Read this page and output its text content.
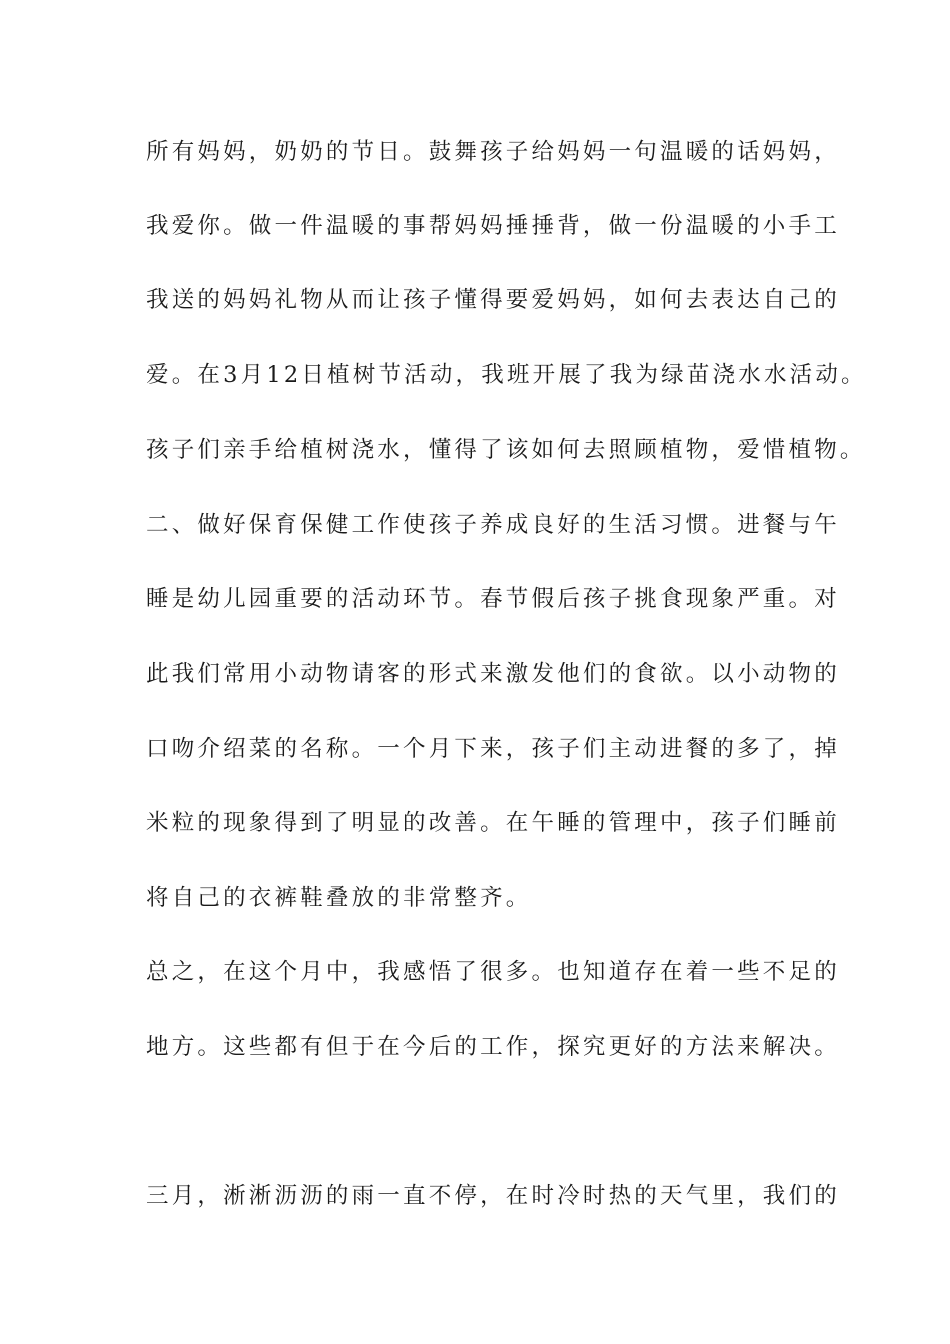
所有妈妈，奶奶的节日。鼓舞孩子给妈妈一句温暖的话妈妈，
我爱你。做一件温暖的事帮妈妈捶捶背，做一份温暖的小手工
我送的妈妈礼物从而让孩子懂得要爱妈妈，如何去表达自己的
爱。在3月12日植树节活动，我班开展了我为绿苗浇水水活动。
孩子们亲手给植树浇水，懂得了该如何去照顾植物，爱惜植物。
二、做好保育保健工作使孩子养成良好的生活习惯。进餐与午
睡是幼儿园重要的活动环节。春节假后孩子挑食现象严重。对
此我们常用小动物请客的形式来激发他们的食欲。以小动物的
口吻介绍菜的名称。一个月下来，孩子们主动进餐的多了，掉
米粒的现象得到了明显的改善。在午睡的管理中，孩子们睡前
将自己的衣裤鞋叠放的非常整齐。
总之，在这个月中，我感悟了很多。也知道存在着一些不足的
地方。这些都有但于在今后的工作，探究更好的方法来解决。
三月，淅淅沥沥的雨一直不停，在时冷时热的天气里，我们的
